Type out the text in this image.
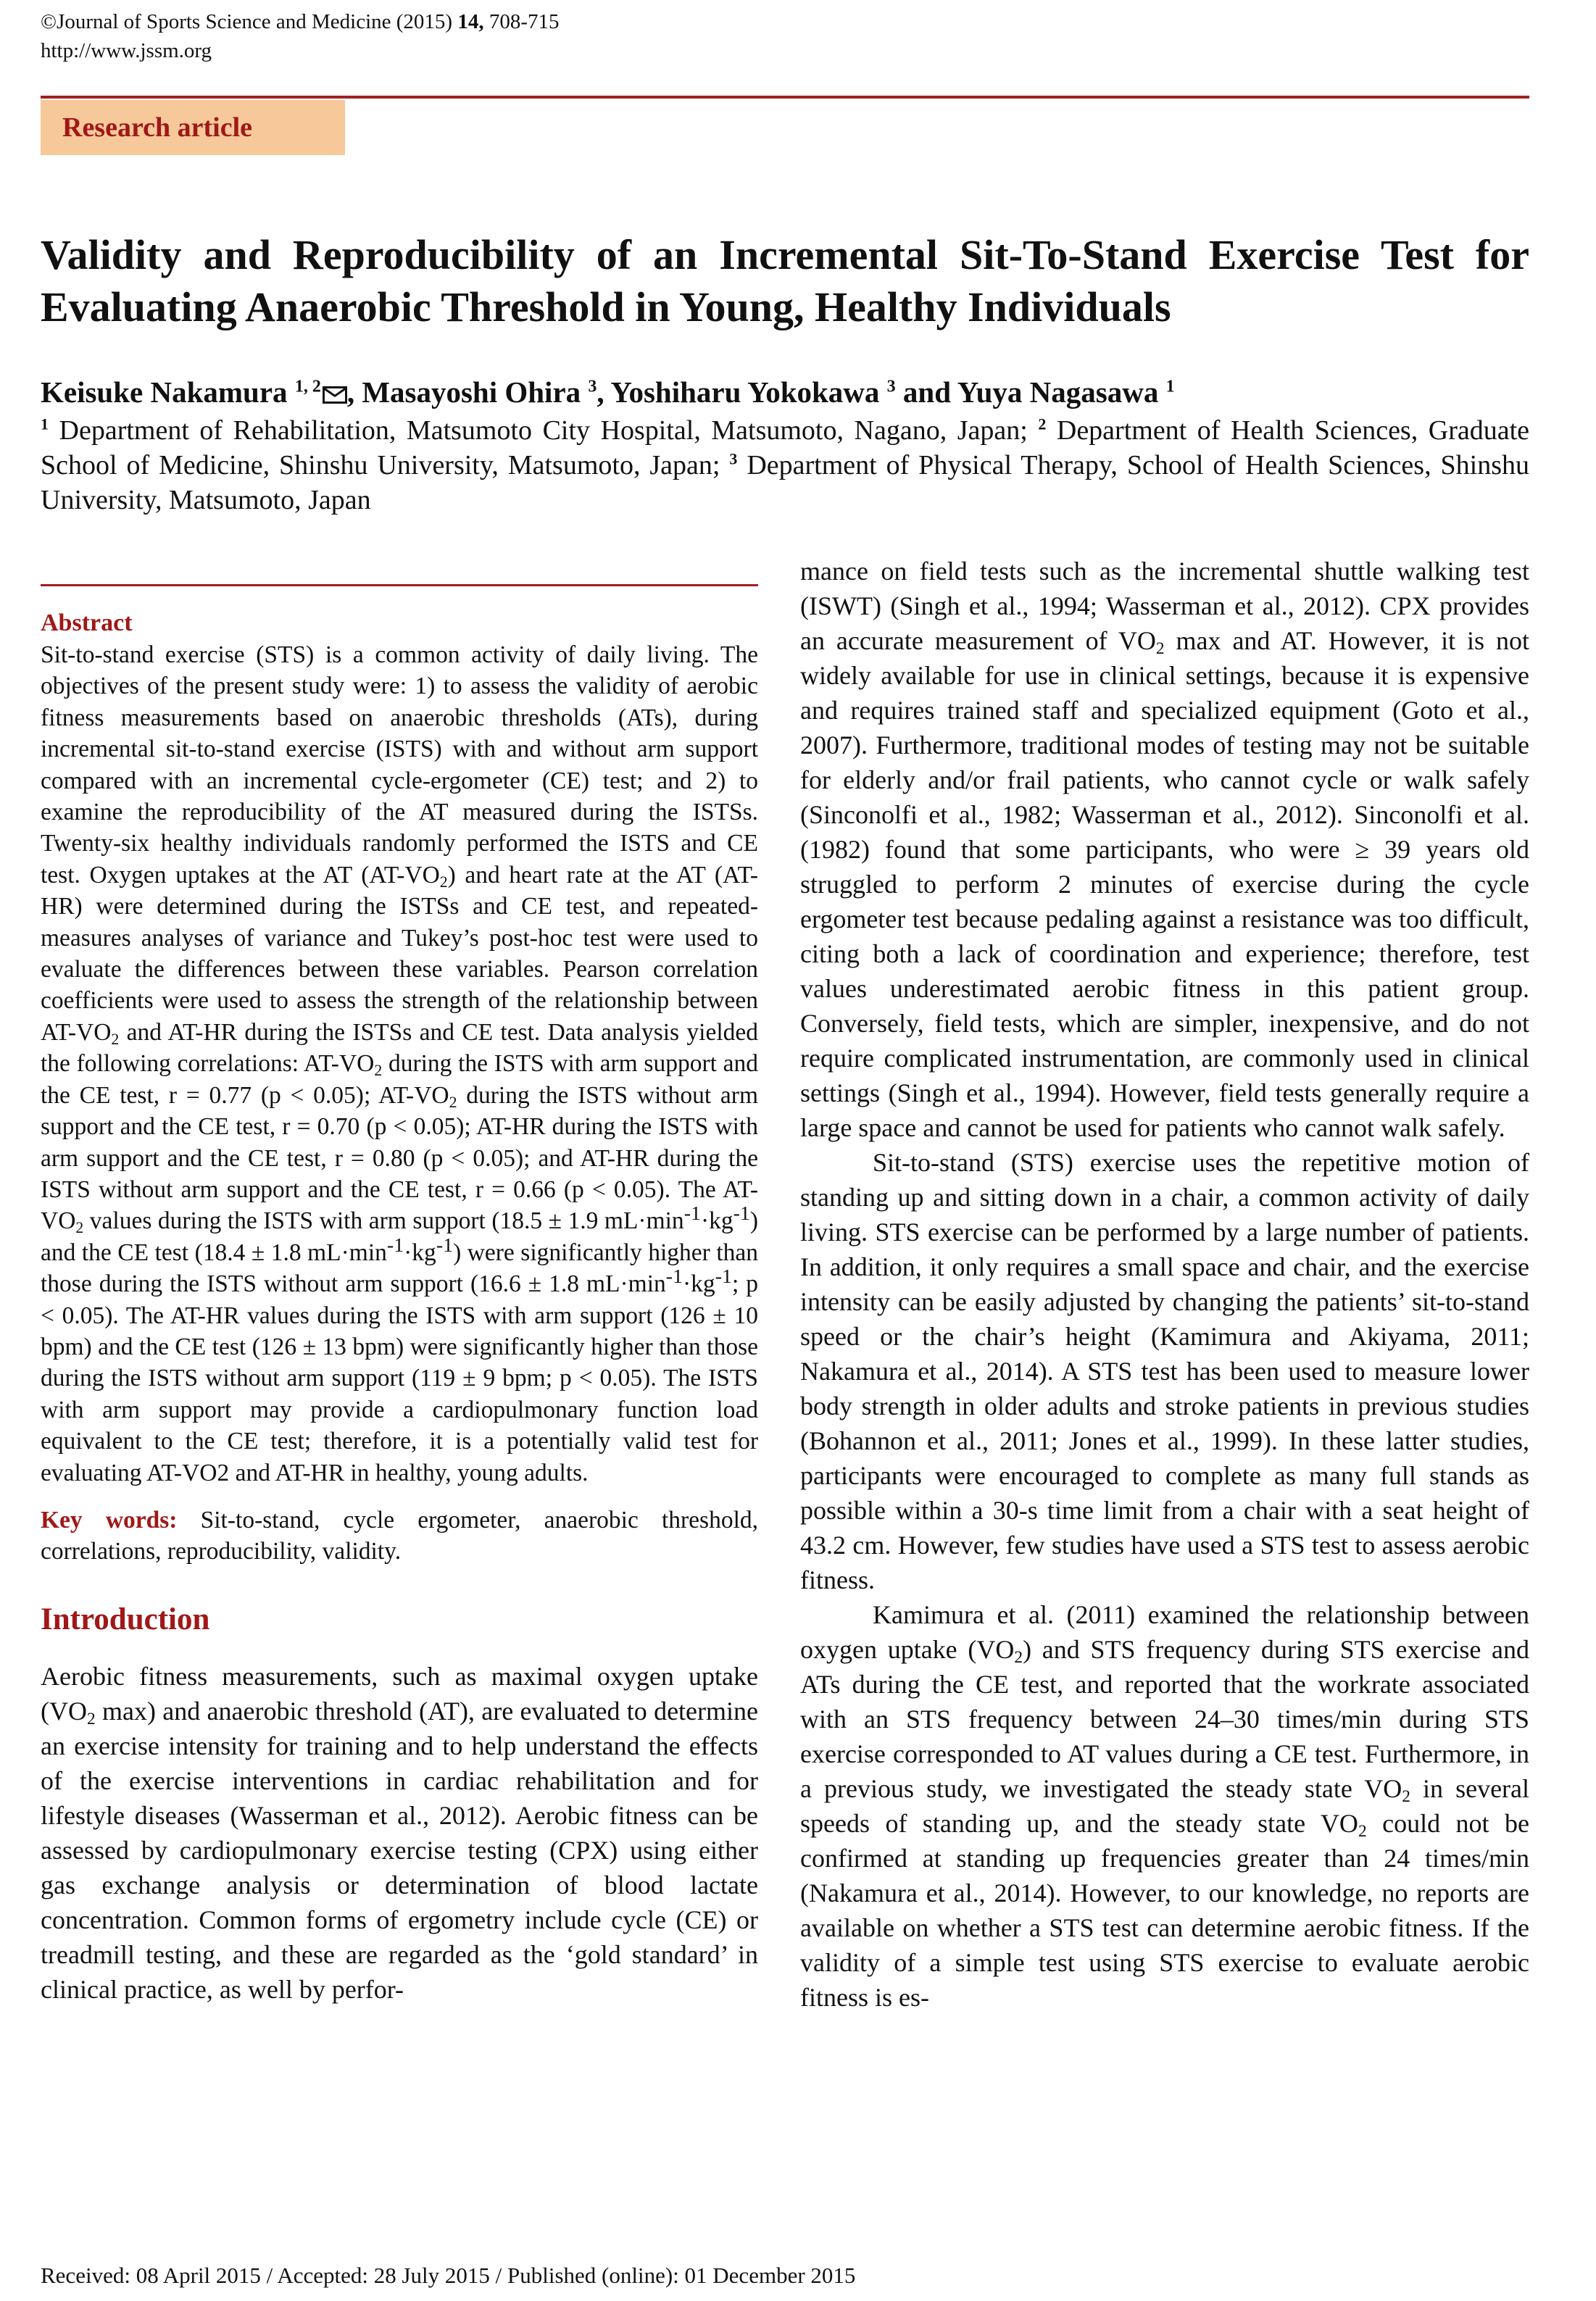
©Journal of Sports Science and Medicine (2015) 14, 708-715
http://www.jssm.org
Research article
Validity and Reproducibility of an Incremental Sit-To-Stand Exercise Test for Evaluating Anaerobic Threshold in Young, Healthy Individuals
Keisuke Nakamura $^{1, 2}$ , Masayoshi Ohira $^3$, Yoshiharu Yokokawa $^3$ and Yuya Nagasawa $^1$
$^1$ Department of Rehabilitation, Matsumoto City Hospital, Matsumoto, Nagano, Japan; $^2$ Department of Health Sciences, Graduate School of Medicine, Shinshu University, Matsumoto, Japan; $^3$ Department of Physical Therapy, School of Health Sciences, Shinshu University, Matsumoto, Japan
Abstract

Sit-to-stand exercise (STS) is a common activity of daily living. The objectives of the present study were: 1) to assess the validity of aerobic fitness measurements based on anaerobic thresholds (ATs), during incremental sit-to-stand exercise (ISTS) with and without arm support compared with an incremental cycle-ergometer (CE) test; and 2) to examine the reproducibility of the AT measured during the ISTSs. Twenty-six healthy individuals randomly performed the ISTS and CE test. Oxygen uptakes at the AT $(AT-VO_2)$ and heart rate at the AT (AT-HR) were determined during the ISTSs and CE test, and repeated-measures analyses of variance and Tukey’s post-hoc test were used to evaluate the differences between these variables. Pearson correlation coefficients were used to assess the strength of the relationship between $AT-VO_2$ and AT-HR during the ISTSs and CE test. Data analysis yielded the following correlations: $AT-VO_2$ during the ISTS with arm support and the CE test, r = 0.77 (p < 0.05); $AT-VO_2$ during the ISTS without arm support and the CE test, r = 0.70 (p < 0.05); AT-HR during the ISTS with arm support and the CE test, r = 0.80 (p < 0.05); and AT-HR during the ISTS without arm support and the CE test, r = 0.66 (p < 0.05). The $AT-VO_2$ values during the ISTS with arm support (18.5 ± 1.9 $mL\cdot\min^{-1}\cdot kg^{-1}$) and the CE test (18.4 ± 1.8 $mL\cdot\min^{-1}\cdot kg^{-1}$) were significantly higher than those during the ISTS without arm support (16.6 ± 1.8 $mL\cdot\min^{-1}\cdot kg^{-1}$; p < 0.05). The AT-HR values during the ISTS with arm support (126 ± 10 bpm) and the CE test (126 ± 13 bpm) were significantly higher than those during the ISTS without arm support (119 ± 9 bpm; p < 0.05). The ISTS with arm support may provide a cardiopulmonary function load equivalent to the CE test; therefore, it is a potentially valid test for evaluating AT-VO2 and AT-HR in healthy, young adults.

Key words: Sit-to-stand, cycle ergometer, anaerobic threshold, correlations, reproducibility, validity.

Introduction

Aerobic fitness measurements, such as maximal oxygen uptake ($VO_2$ max) and anaerobic threshold (AT), are evaluated to determine an exercise intensity for training and to help understand the effects of the exercise interventions in cardiac rehabilitation and for lifestyle diseases (Wasserman et al., 2012). Aerobic fitness can be assessed by cardiopulmonary exercise testing (CPX) using either gas exchange analysis or determination of blood lactate concentration. Common forms of ergometry include cycle (CE) or treadmill testing, and these are regarded as the ‘gold standard’ in clinical practice, as well by perfor-

mance on field tests such as the incremental shuttle walking test (ISWT) (Singh et al., 1994; Wasserman et al., 2012). CPX provides an accurate measurement of $VO_2$ max and AT. However, it is not widely available for use in clinical settings, because it is expensive and requires trained staff and specialized equipment (Goto et al., 2007). Furthermore, traditional modes of testing may not be suitable for elderly and/or frail patients, who cannot cycle or walk safely (Sinconolfi et al., 1982; Wasserman et al., 2012). Sinconolfi et al. (1982) found that some participants, who were ≥ 39 years old struggled to perform 2 minutes of exercise during the cycle ergometer test because pedaling against a resistance was too difficult, citing both a lack of coordination and experience; therefore, test values underestimated aerobic fitness in this patient group. Conversely, field tests, which are simpler, inexpensive, and do not require complicated instrumentation, are commonly used in clinical settings (Singh et al., 1994). However, field tests generally require a large space and cannot be used for patients who cannot walk safely.

Sit-to-stand (STS) exercise uses the repetitive motion of standing up and sitting down in a chair, a common activity of daily living. STS exercise can be performed by a large number of patients. In addition, it only requires a small space and chair, and the exercise intensity can be easily adjusted by changing the patients’ sit-to-stand speed or the chair’s height (Kamimura and Akiyama, 2011; Nakamura et al., 2014). A STS test has been used to measure lower body strength in older adults and stroke patients in previous studies (Bohannon et al., 2011; Jones et al., 1999). In these latter studies, participants were encouraged to complete as many full stands as possible within a 30-s time limit from a chair with a seat height of 43.2 cm. However, few studies have used a STS test to assess aerobic fitness.

Kamimura et al. (2011) examined the relationship between oxygen uptake $(VO_2)$ and STS frequency during STS exercise and ATs during the CE test, and reported that the workrate associated with an STS frequency between 24–30 times/min during STS exercise corresponded to AT values during a CE test. Furthermore, in a previous study, we investigated the steady state $VO_2$ in several speeds of standing up, and the steady state $VO_2$ could not be confirmed at standing up frequencies greater than 24 times/min (Nakamura et al., 2014). However, to our knowledge, no reports are available on whether a STS test can determine aerobic fitness. If the validity of a simple test using STS exercise to evaluate aerobic fitness is es-

Received: 08 April 2015 / Accepted: 28 July 2015 / Published (online): 01 December 2015
